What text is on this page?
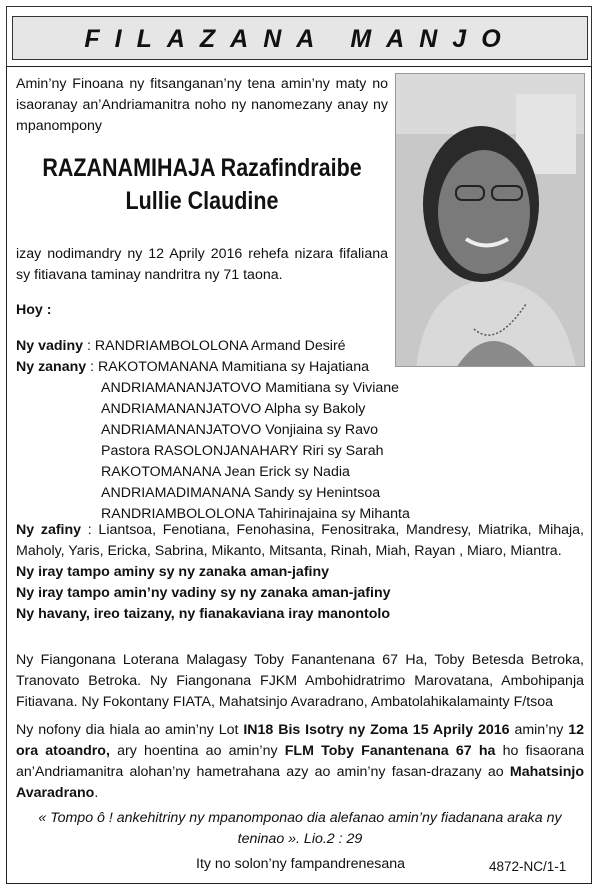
FILAZANA MANJO
Amin’ny Finoana ny fitsanganan’ny tena amin’ny maty no isaoranay an’Andriamanitra noho ny nanomezany anay ny mpanompony
RAZANAMIHAJA Razafindraibe
Lullie Claudine
izay nodimandry ny 12 Aprily 2016 rehefa nizara fifaliana sy fitiavana taminay nandritra ny 71 taona.
Hoy :
Ny vadiny : RANDRIAMBOLOLONA Armand Desiré
Ny zanany : RAKOTOMANANA Mamitiana sy Hajatiana
ANDRIAMANANJATOVO Mamitiana sy Viviane
ANDRIAMANANJATOVO Alpha sy Bakoly
ANDRIAMANANJATOVO Vonjiaina sy Ravo
Pastora RASOLONJANAHARY Riri sy Sarah
RAKOTOMANANA Jean Erick sy Nadia
ANDRIAMADIMANANA Sandy sy Henintsoa
RANDRIAMBOLOLONA Tahirinajaina sy Mihanta
Ny zafiny : Liantsoa, Fenotiana, Fenohasina, Fenositraka, Mandresy, Miatrika, Mihaja, Maholy, Yaris, Ericka, Sabrina, Mikanto, Mitsanta, Rinah, Miah, Rayan , Miaro, Miantra.
Ny iray tampo aminy sy ny zanaka aman-jafiny
Ny iray tampo amin’ny vadiny sy ny zanaka aman-jafiny
Ny havany, ireo taizany, ny fianakaviana iray manontolo
Ny Fiangonana Loterana Malagasy Toby Fanantenana 67 Ha, Toby Betesda Betroka, Tranovato Betroka. Ny Fiangonana FJKM Ambohidratrimo Marovatana, Ambohipanja Fitiavana. Ny Fokontany FIATA, Mahatsinjo Avaradrano, Ambatolahikalamainty F/tsoa
Ny nofony dia hiala ao amin’ny Lot IN18 Bis Isotry ny Zoma 15 Aprily 2016 amin’ny 12 ora atoandro, ary hoentina ao amin’ny FLM Toby Fanantenana 67 ha ho fisaorana an’Andriamanitra alohan’ny hametrahana azy ao amin’ny fasan-drazany ao Mahatsinjo Avaradrano.
« Tompo ô ! ankehitriny ny mpanomponao dia alefanao amin’ny fiadanana araka ny teninao ». Lio.2 : 29
Ity no solon’ny fampandrenesana	4872-NC/1-1
